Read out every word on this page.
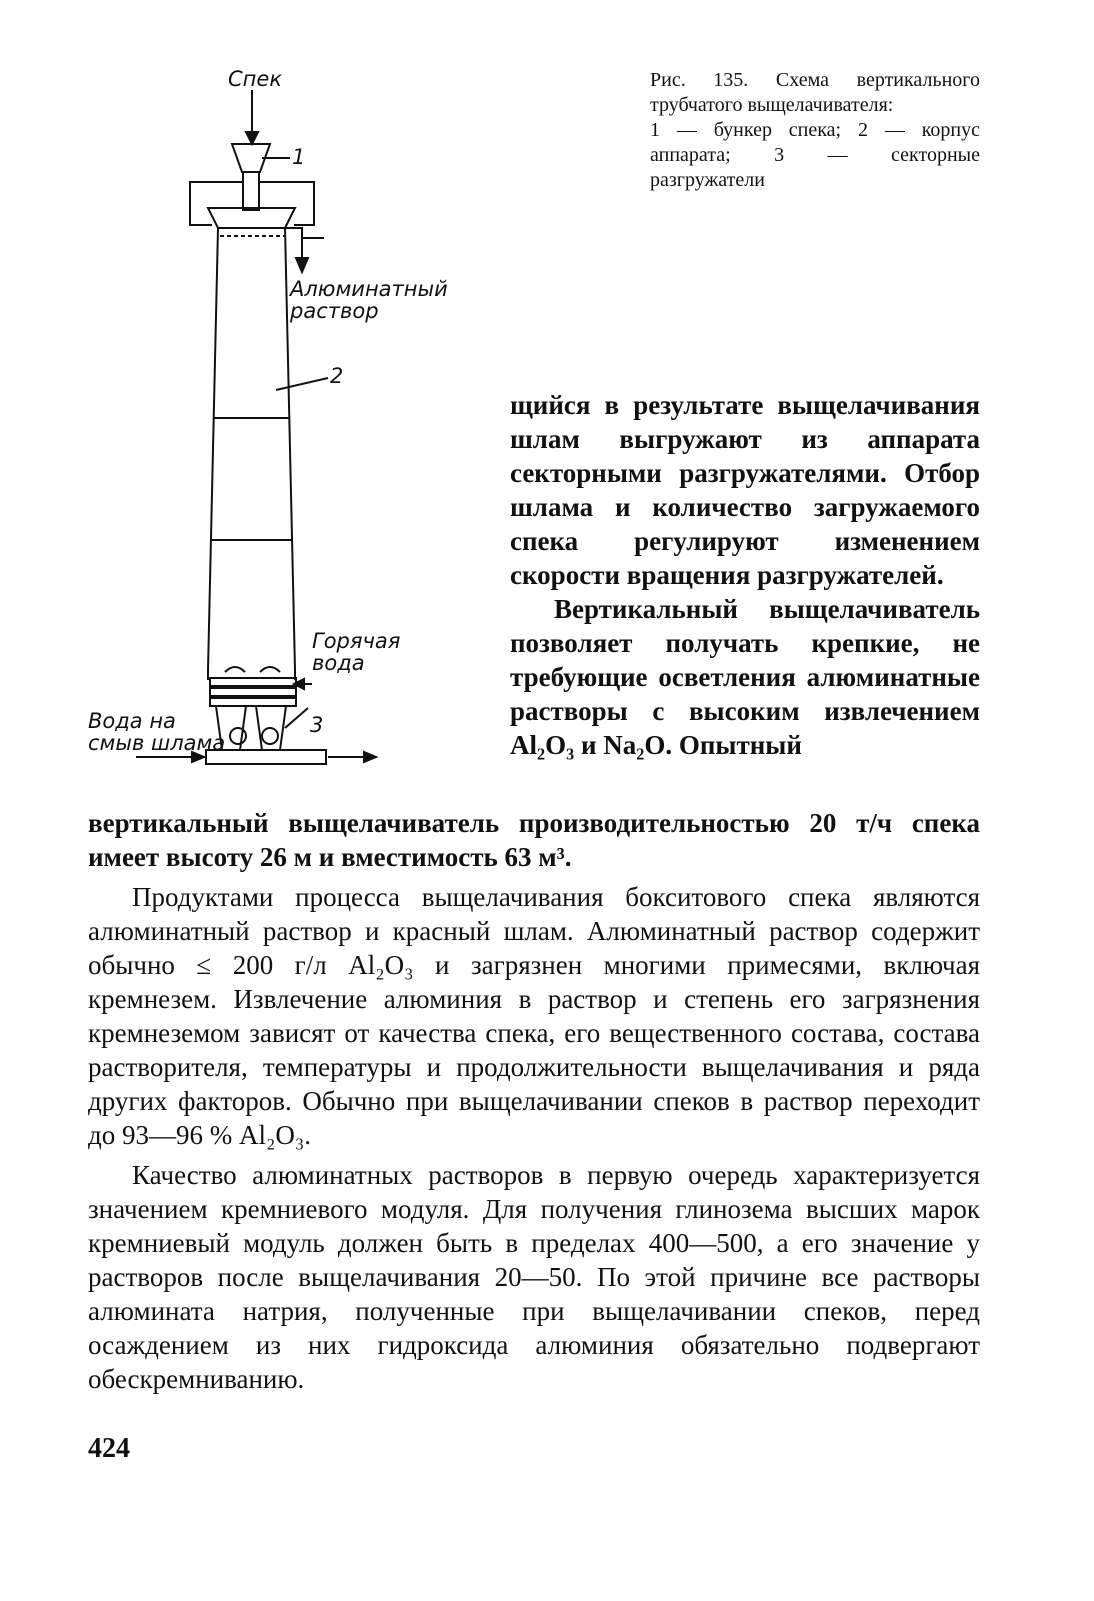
Спек
1
Алюминатный
раствор
2
Горячая
вода
Вода на
смыв шлама
3

Рис. 135. Схема вертикального трубчатого выщелачивателя:

1 — бункер спека; 2 — корпус аппарата; 3 — секторные разгружатели

щийся в результате выщелачивания шлам выгружают из аппарата секторными разгружателями. Отбор шлама и количество загружаемого спека регулируют изменением скорости вращения разгружателей.

Вертикальный выщелачиватель позволяет получать крепкие, не требующие осветления алюминатные растворы с высоким извлечением Al₂O₃ и Na₂O. Опытный

вертикальный выщелачиватель производительностью 20 т/ч спека имеет высоту 26 м и вместимость 63 м³.

Продуктами процесса выщелачивания бокситового спека являются алюминатный раствор и красный шлам. Алюминатный раствор содержит обычно ≤ 200 г/л Al₂O₃ и загрязнен многими примесями, включая кремнезем. Извлечение алюминия в раствор и степень его загрязнения кремнеземом зависят от качества спека, его вещественного состава, состава растворителя, температуры и продолжительности выщелачивания и ряда других факторов. Обычно при выщелачивании спеков в раствор переходит до 93—96 % Al₂O₃.

Качество алюминатных растворов в первую очередь характеризуется значением кремниевого модуля. Для получения глинозема высших марок кремниевый модуль должен быть в пределах 400—500, а его значение у растворов после выщелачивания 20—50. По этой причине все растворы алюмината натрия, полученные при выщелачивании спеков, перед осаждением из них гидроксида алюминия обязательно подвергают обескремниванию.

424
